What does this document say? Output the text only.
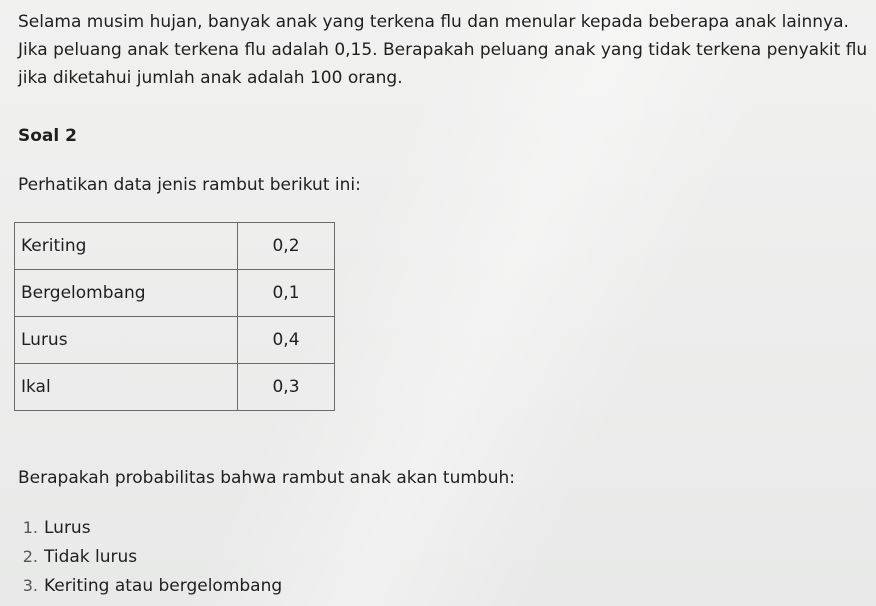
Selama musim hujan, banyak anak yang terkena flu dan menular kepada beberapa anak lainnya. Jika peluang anak terkena flu adalah 0,15. Berapakah peluang anak yang tidak terkena penyakit flu jika diketahui jumlah anak adalah 100 orang.

Soal 2

Perhatikan data jenis rambut berikut ini:

Keriting	0,2
Bergelombang	0,1
Lurus	0,4
Ikal	0,3

Berapakah probabilitas bahwa rambut anak akan tumbuh:

1. Lurus
2. Tidak lurus
3. Keriting atau bergelombang
